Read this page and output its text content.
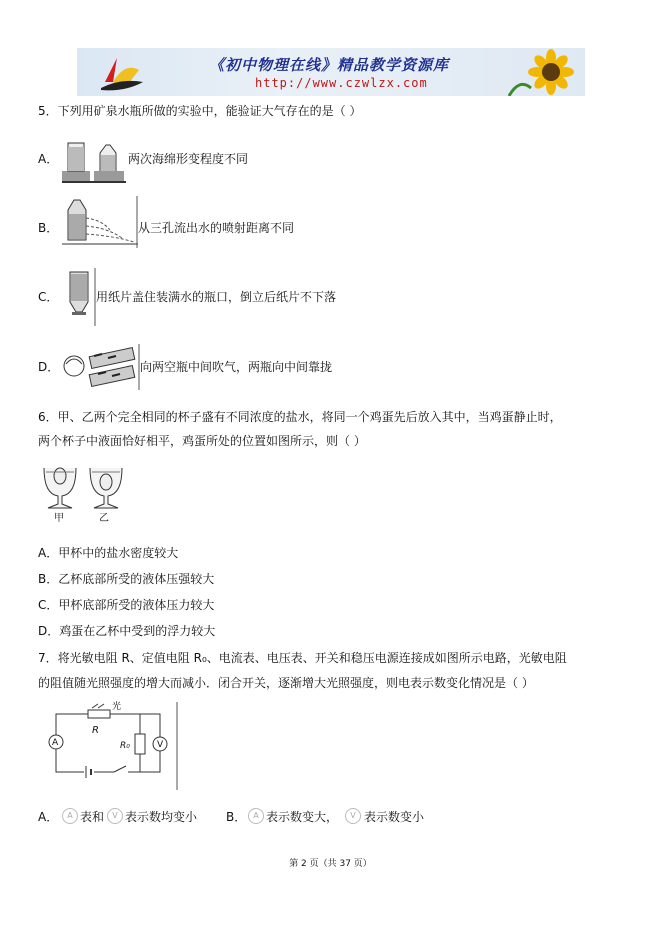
《初中物理在线》精品教学资源库
http://www.czwlzx.com
5．下列用矿泉水瓶所做的实验中，能验证大气存在的是（ ）
A．	两次海绵形变程度不同
B．	从三孔流出水的喷射距离不同
C．	用纸片盖住装满水的瓶口，倒立后纸片不下落
D．	向两空瓶中间吹气，两瓶向中间靠拢
6．甲、乙两个完全相同的杯子盛有不同浓度的盐水，将同一个鸡蛋先后放入其中，当鸡蛋静止时，
两个杯子中液面恰好相平，鸡蛋所处的位置如图所示，则（ ）
甲	乙
A．甲杯中的盐水密度较大
B．乙杯底部所受的液体压强较大
C．甲杯底部所受的液体压力较大
D．鸡蛋在乙杯中受到的浮力较大
7．将光敏电阻 R、定值电阻 R₀、电流表、电压表、开关和稳压电源连接成如图所示电路，光敏电阻
的阻值随光照强度的增大而减小．闭合开关，逐渐增大光照强度，则电表示数变化情况是（ ）
光
R
R₀
A	V
A．	A 表和	V 表示数均变小 B． A 表示数变大，	V 表示数变小
第 2 页（共 37 页）
